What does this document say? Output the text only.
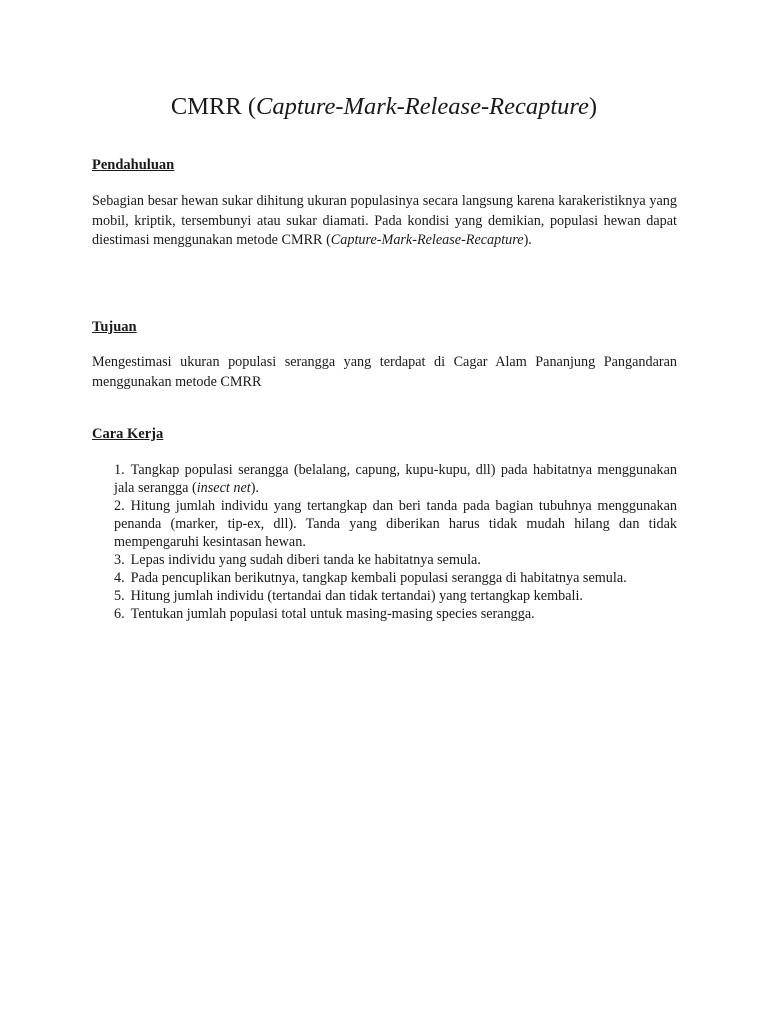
CMRR (Capture-Mark-Release-Recapture)
Pendahuluan

Sebagian besar hewan sukar dihitung ukuran populasinya secara langsung karena karakeristiknya yang mobil, kriptik, tersembunyi atau sukar diamati. Pada kondisi yang demikian, populasi hewan dapat diestimasi menggunakan metode CMRR (Capture-Mark-Release-Recapture).

Tujuan

Mengestimasi ukuran populasi serangga yang terdapat di Cagar Alam Pananjung Pangandaran menggunakan metode CMRR

Cara Kerja
1. Tangkap populasi serangga (belalang, capung, kupu-kupu, dll) pada habitatnya menggunakan jala serangga (insect net).
2. Hitung jumlah individu yang tertangkap dan beri tanda pada bagian tubuhnya menggunakan penanda (marker, tip-ex, dll). Tanda yang diberikan harus tidak mudah hilang dan tidak mempengaruhi kesintasan hewan.
3. Lepas individu yang sudah diberi tanda ke habitatnya semula.
4. Pada pencuplikan berikutnya, tangkap kembali populasi serangga di habitatnya semula.
5. Hitung jumlah individu (tertandai dan tidak tertandai) yang tertangkap kembali.
6. Tentukan jumlah populasi total untuk masing-masing species serangga.
